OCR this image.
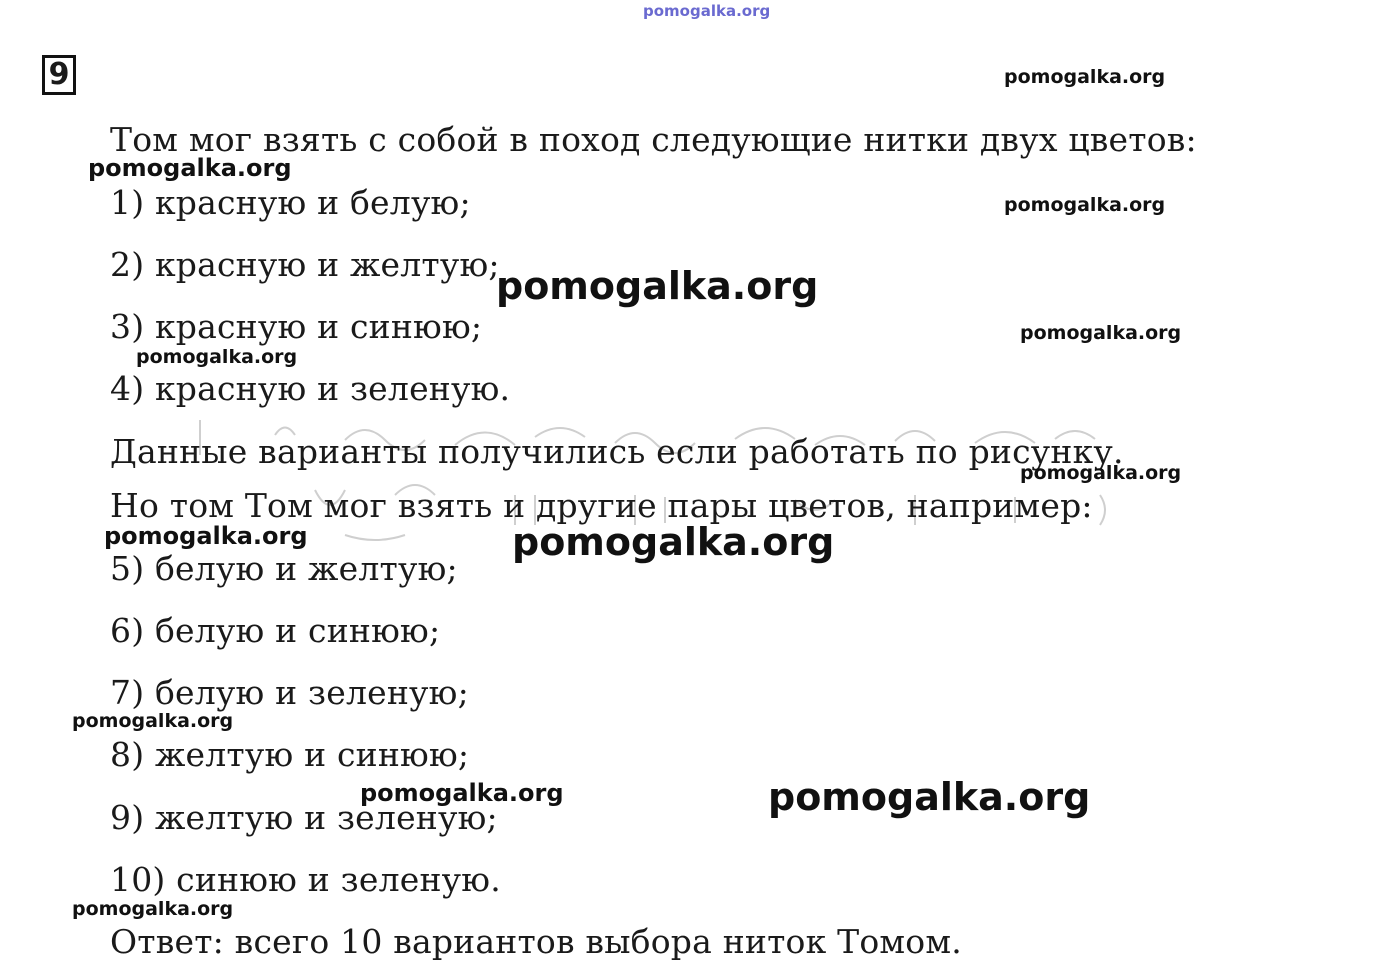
pomogalka.org
9
Том мог взять с собой в поход следующие нитки двух цветов:
1) красную и белую;
2) красную и желтую;
3) красную и синюю;
4) красную и зеленую.
Данные варианты получились если работать по рисунку.
Но том Том мог взять и другие пары цветов, например:
5) белую и желтую;
6) белую и синюю;
7) белую и зеленую;
8) желтую и синюю;
9) желтую и зеленую;
10) синюю и зеленую.
Ответ: всего 10 вариантов выбора ниток Томом.
pomogalka.org
pomogalka.org
pomogalka.org
pomogalka.org
pomogalka.org
pomogalka.org
pomogalka.org
pomogalka.org	pomogalka.org
pomogalka.org
pomogalka.org	pomogalka.org
pomogalka.org
